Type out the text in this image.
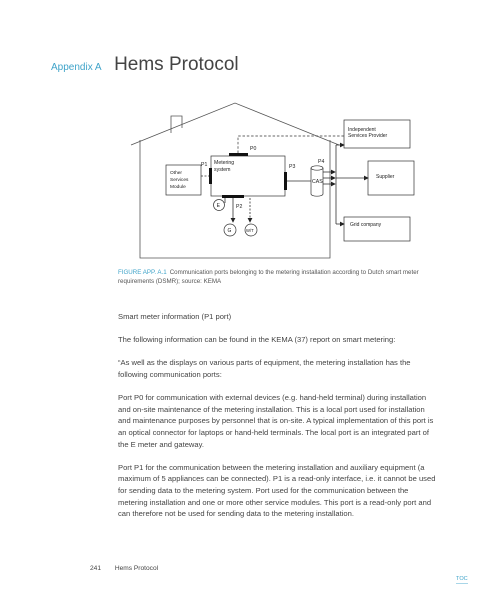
Appendix A Hems Protocol
Independent
Services Provider
Supplier
Grid company
Other
Services
Module
Metering
system
P0
P1	P3
P2
P4
CAS
E
G	W/T
FIGURE APP. A.1 Communication ports belonging to the metering installation according to Dutch smart meter requirements (DSMR); source: KEMA

Smart meter information (P1 port)

The following information can be found in the KEMA (37) report on smart metering:

“As well as the displays on various parts of equipment, the metering installation has the following communication ports:

Port P0 for communication with external devices (e.g. hand-held terminal) during installation and on-site maintenance of the metering installation. This is a local port used for installation and maintenance purposes by personnel that is on-site. A typical implementation of this port is an optical connector for laptops or hand-held terminals. The local port is an integrated part of the E meter and gateway.

Port P1 for the communication between the metering installation and auxiliary equipment (a maximum of 5 appliances can be connected). P1 is a read-only interface, i.e. it cannot be used for sending data to the metering system. Port used for the communication between the metering installation and one or more other service modules. This port is a read-only port and can therefore not be used for sending data to the metering installation.

241 Hems Protocol
TOC
